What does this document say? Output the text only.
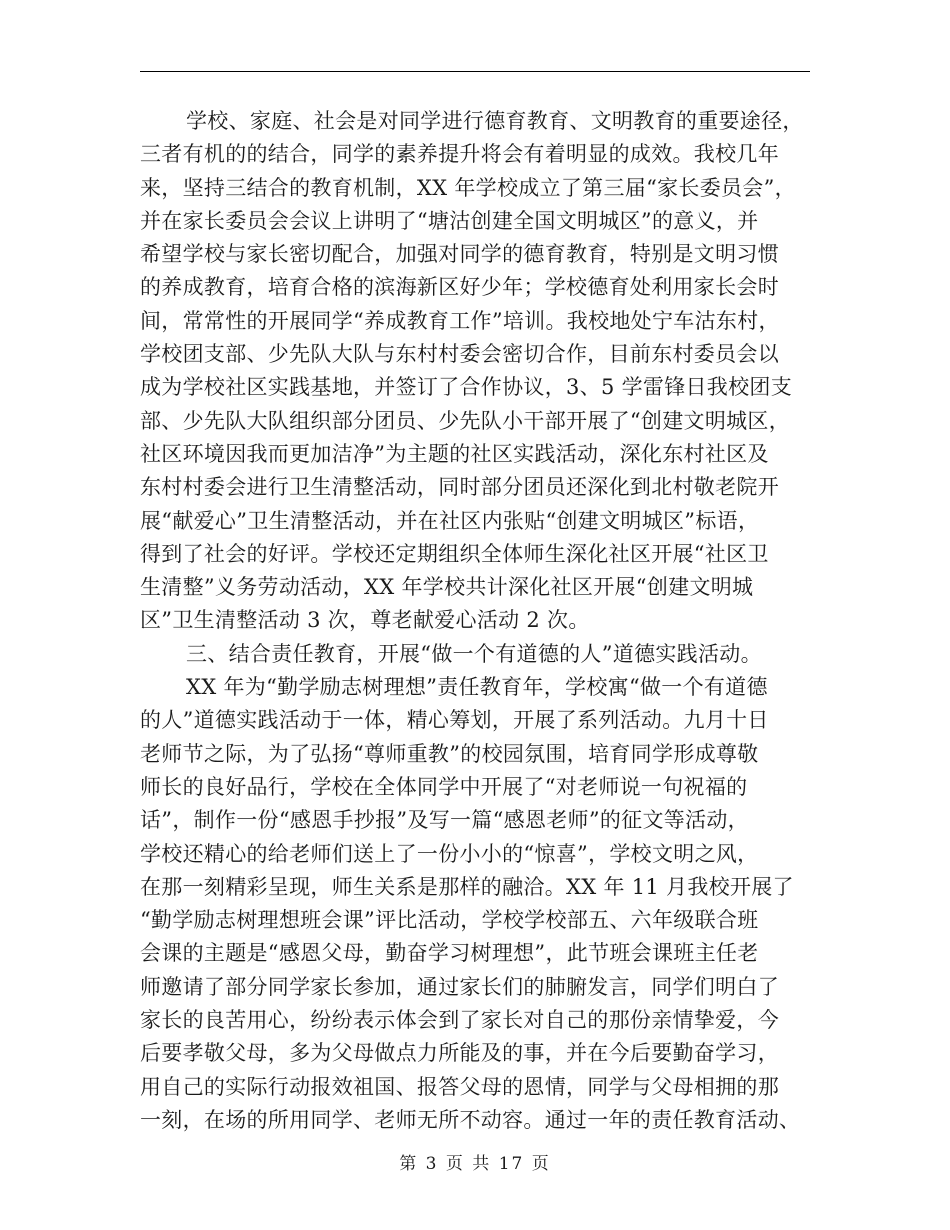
学校、家庭、社会是对同学进行德育教育、文明教育的重要途径，
三者有机的的结合，同学的素养提升将会有着明显的成效。我校几年
来，坚持三结合的教育机制，XX 年学校成立了第三届“家长委员会”，
并在家长委员会会议上讲明了“塘沽创建全国文明城区”的意义，并
希望学校与家长密切配合，加强对同学的德育教育，特别是文明习惯
的养成教育，培育合格的滨海新区好少年；学校德育处利用家长会时
间，常常性的开展同学“养成教育工作”培训。我校地处宁车沽东村，
学校团支部、少先队大队与东村村委会密切合作，目前东村委员会以
成为学校社区实践基地，并签订了合作协议，3、5 学雷锋日我校团支
部、少先队大队组织部分团员、少先队小干部开展了“创建文明城区，
社区环境因我而更加洁净”为主题的社区实践活动，深化东村社区及
东村村委会进行卫生清整活动，同时部分团员还深化到北村敬老院开
展“献爱心”卫生清整活动，并在社区内张贴“创建文明城区”标语，
得到了社会的好评。学校还定期组织全体师生深化社区开展“社区卫
生清整”义务劳动活动，XX 年学校共计深化社区开展“创建文明城
区”卫生清整活动 3 次，尊老献爱心活动 2 次。
三、结合责任教育，开展“做一个有道德的人”道德实践活动。
XX 年为“勤学励志树理想”责任教育年，学校寓“做一个有道德
的人”道德实践活动于一体，精心筹划，开展了系列活动。九月十日
老师节之际，为了弘扬“尊师重教”的校园氛围，培育同学形成尊敬
师长的良好品行，学校在全体同学中开展了“对老师说一句祝福的
话”，制作一份“感恩手抄报”及写一篇“感恩老师”的征文等活动，
学校还精心的给老师们送上了一份小小的“惊喜”，学校文明之风，
在那一刻精彩呈现，师生关系是那样的融洽。XX 年 11 月我校开展了
“勤学励志树理想班会课”评比活动，学校学校部五、六年级联合班
会课的主题是“感恩父母，勤奋学习树理想”，此节班会课班主任老
师邀请了部分同学家长参加，通过家长们的肺腑发言，同学们明白了
家长的良苦用心，纷纷表示体会到了家长对自己的那份亲情挚爱，今
后要孝敬父母，多为父母做点力所能及的事，并在今后要勤奋学习，
用自己的实际行动报效祖国、报答父母的恩情，同学与父母相拥的那
一刻，在场的所用同学、老师无所不动容。通过一年的责任教育活动、
第 3 页 共 17 页
